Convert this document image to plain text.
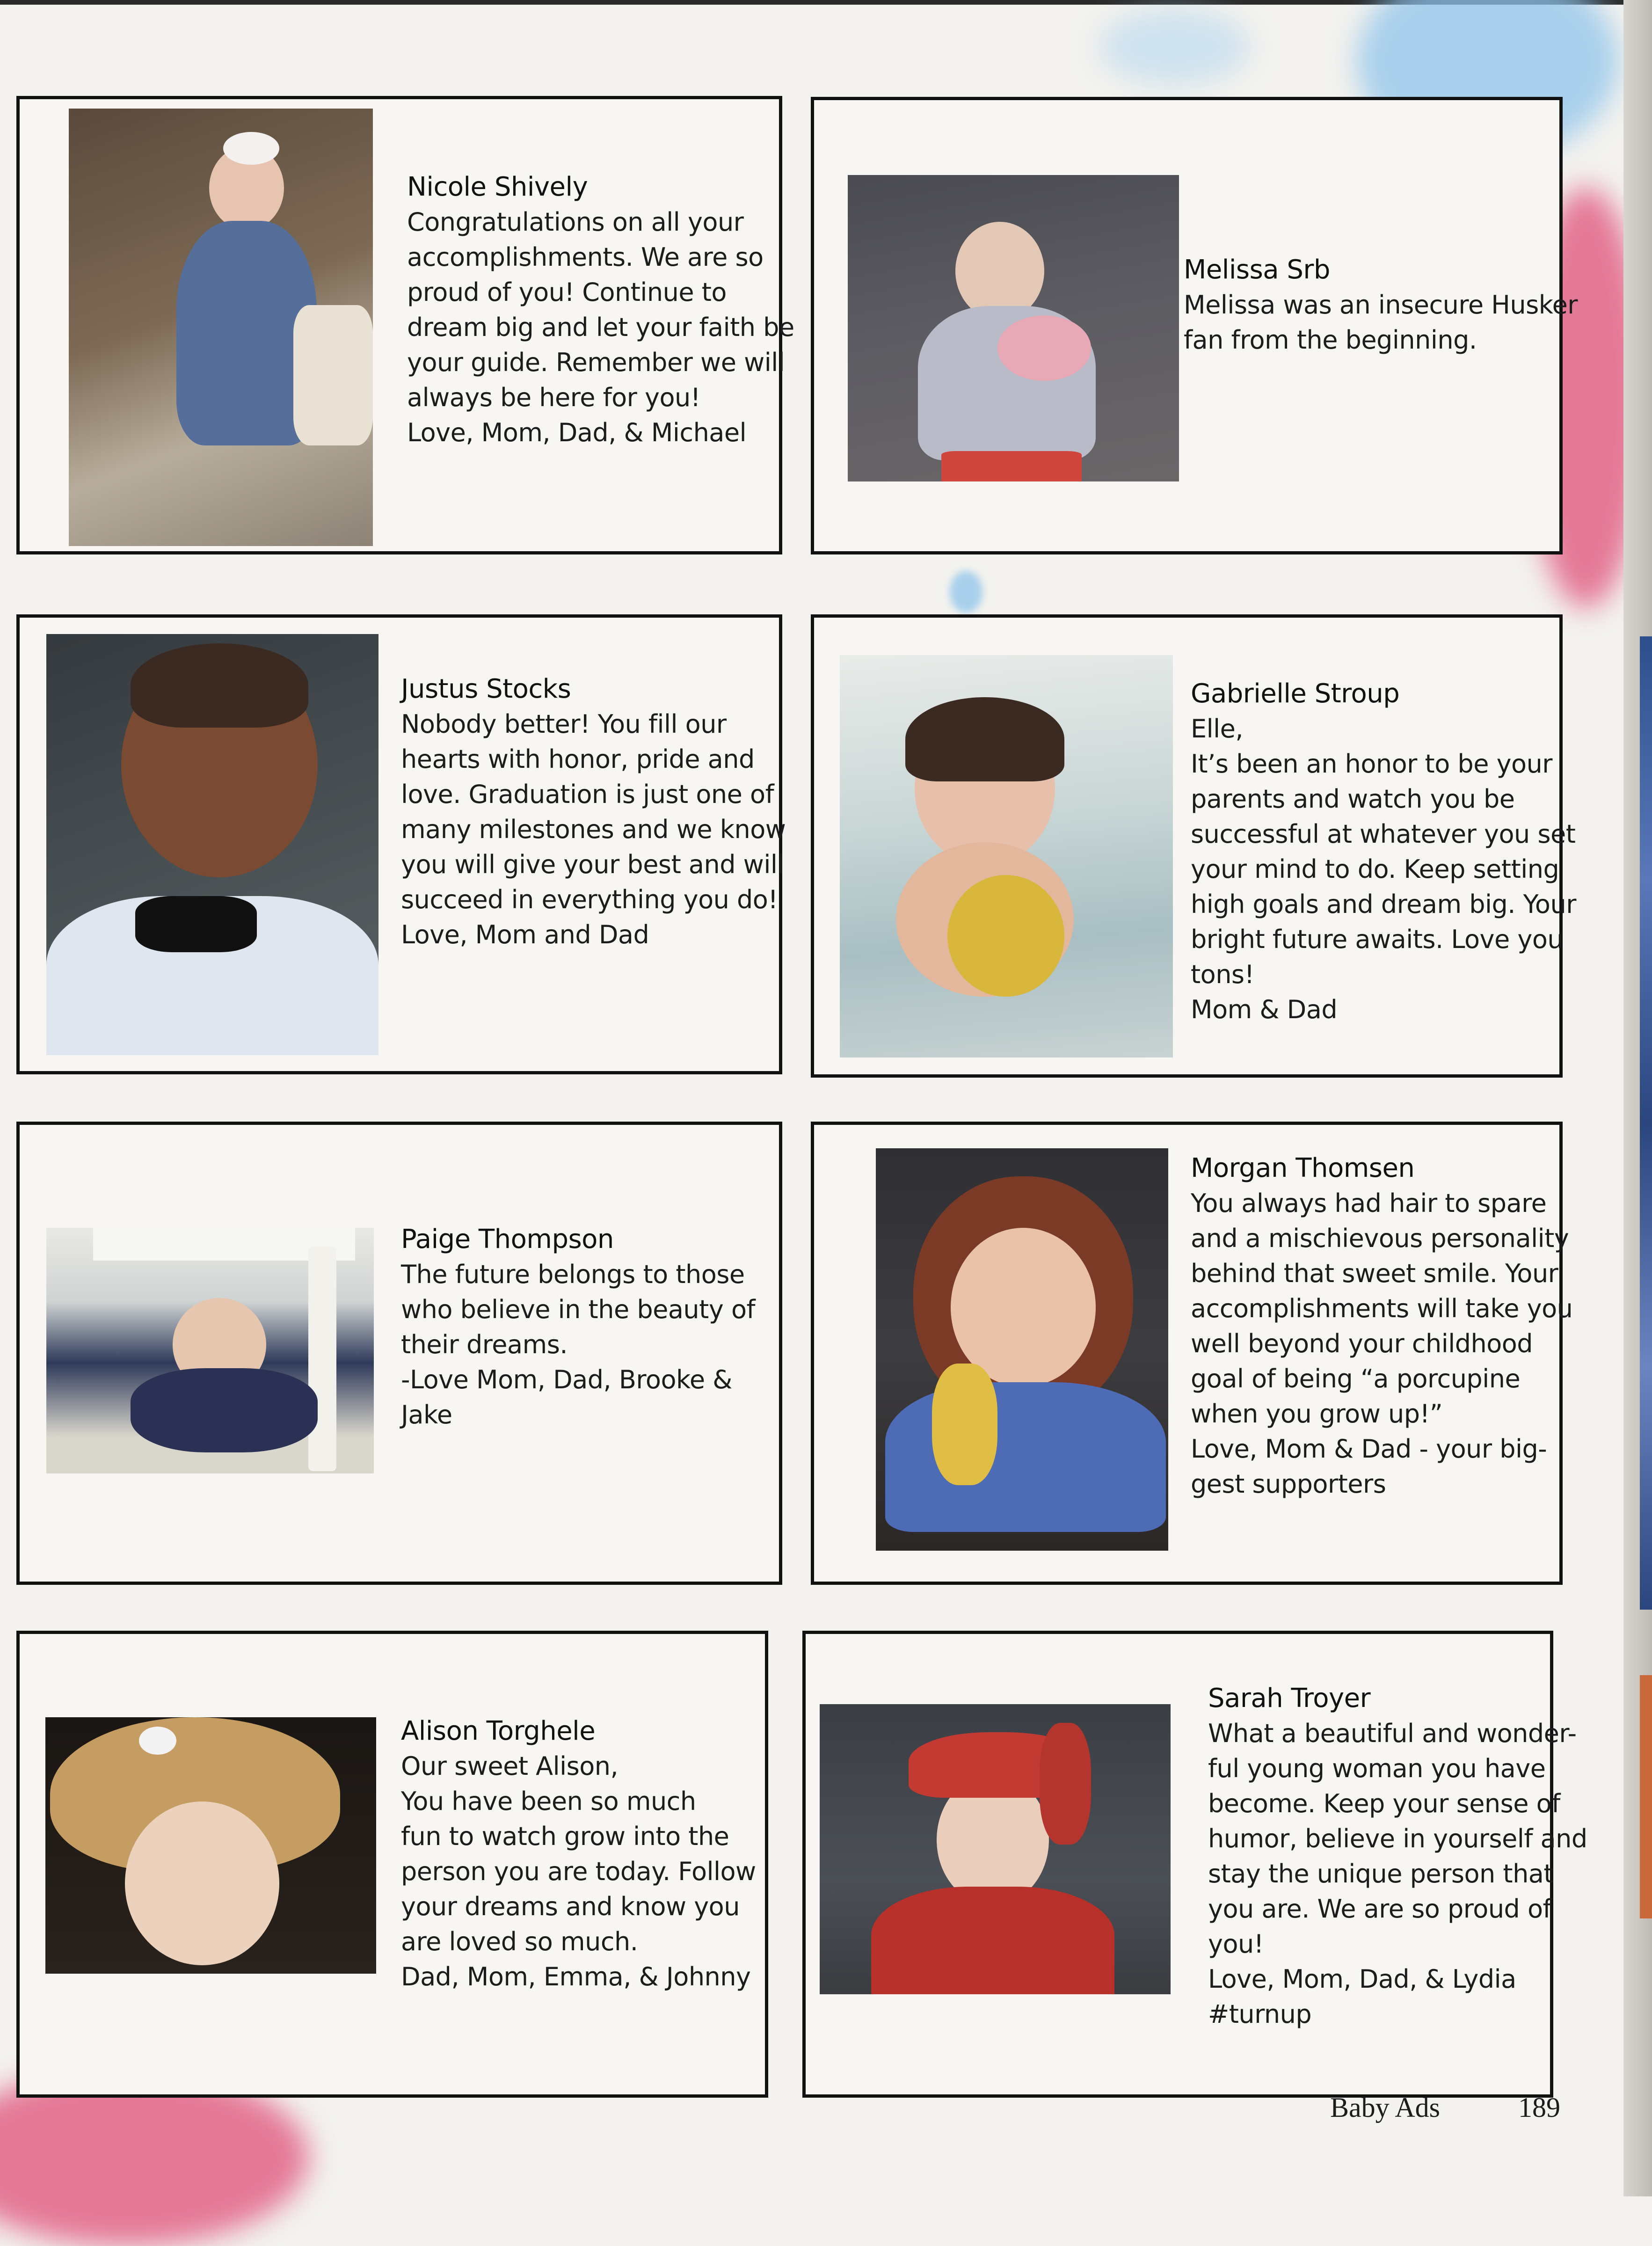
Nicole Shively
Congratulations on all your
accomplishments. We are so
proud of you! Continue to
dream big and let your faith be
your guide. Remember we will
always be here for you!
Love, Mom, Dad, & Michael
Melissa Srb
Melissa was an insecure Husker
fan from the beginning.
Justus Stocks
Nobody better! You fill our
hearts with honor, pride and
love. Graduation is just one of
many milestones and we know
you will give your best and will
succeed in everything you do!
Love, Mom and Dad
Gabrielle Stroup
Elle,
It’s been an honor to be your
parents and watch you be
successful at whatever you set
your mind to do. Keep setting
high goals and dream big. Your
bright future awaits. Love you
tons!
Mom & Dad
Paige Thompson
The future belongs to those
who believe in the beauty of
their dreams.
-Love Mom, Dad, Brooke &
Jake
Morgan Thomsen
You always had hair to spare
and a mischievous personality
behind that sweet smile. Your
accomplishments will take you
well beyond your childhood
goal of being “a porcupine
when you grow up!”
Love, Mom & Dad - your big-
gest supporters
Alison Torghele
Our sweet Alison,
You have been so much
fun to watch grow into the
person you are today. Follow
your dreams and know you
are loved so much.
Dad, Mom, Emma, & Johnny
Sarah Troyer
What a beautiful and wonder-
ful young woman you have
become. Keep your sense of
humor, believe in yourself and
stay the unique person that
you are. We are so proud of
you!
Love, Mom, Dad, & Lydia
#turnup
Baby Ads	189
